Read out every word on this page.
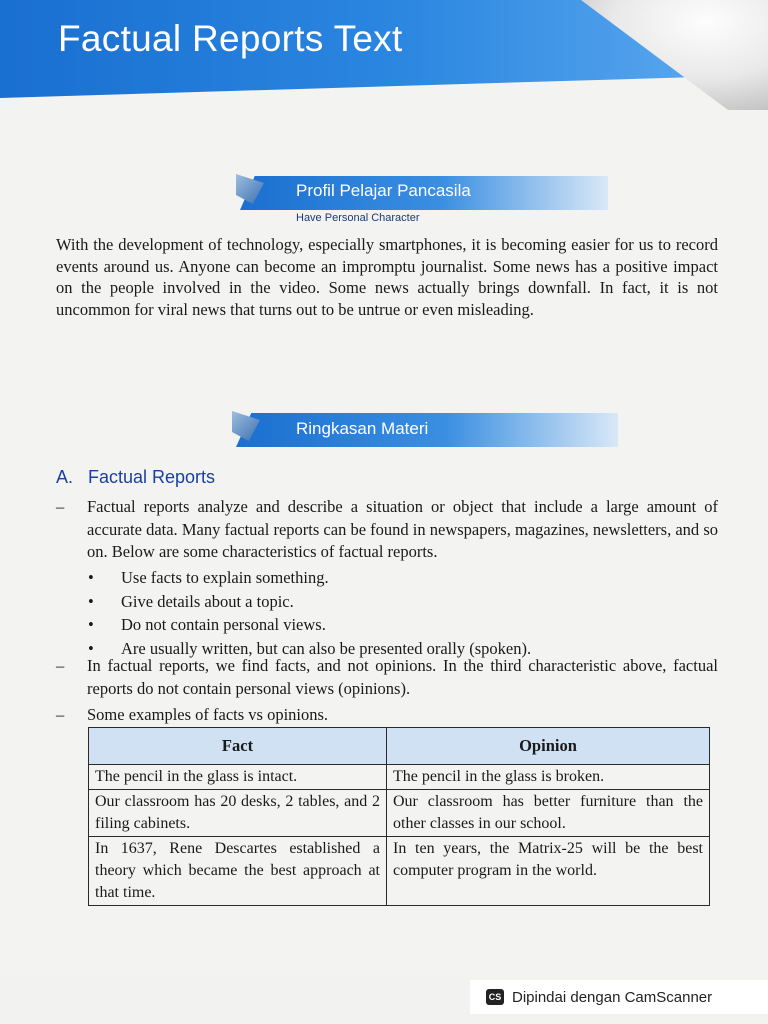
Factual Reports Text
Profil Pelajar Pancasila
Have Personal Character
With the development of technology, especially smartphones, it is becoming easier for us to record events around us. Anyone can become an impromptu journalist. Some news has a positive impact on the people involved in the video. Some news actually brings downfall. In fact, it is not uncommon for viral news that turns out to be untrue or even misleading.
Ringkasan Materi
A. Factual Reports
– Factual reports analyze and describe a situation or object that include a large amount of accurate data. Many factual reports can be found in newspapers, magazines, newsletters, and so on. Below are some characteristics of factual reports.
• Use facts to explain something.
• Give details about a topic.
• Do not contain personal views.
• Are usually written, but can also be presented orally (spoken).
– In factual reports, we find facts, and not opinions. In the third characteristic above, factual reports do not contain personal views (opinions).
– Some examples of facts vs opinions.
Fact	Opinion
The pencil in the glass is intact.	The pencil in the glass is broken.
Our classroom has 20 desks, 2 tables, and 2 filing cabinets.	Our classroom has better furniture than the other classes in our school.
In 1637, Rene Descartes established a theory which became the best approach at that time.	In ten years, the Matrix-25 will be the best computer program in the world.
CS Dipindai dengan CamScanner
